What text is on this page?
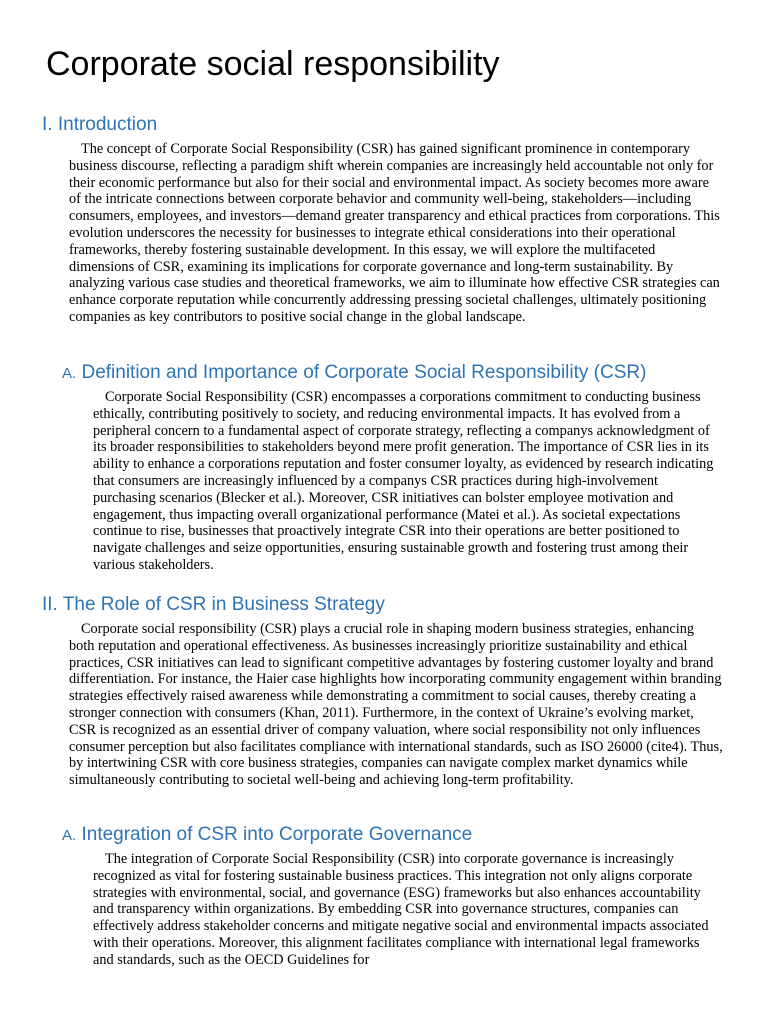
Corporate social responsibility
I. Introduction

The concept of Corporate Social Responsibility (CSR) has gained significant prominence in contemporary business discourse, reflecting a paradigm shift wherein companies are increasingly held accountable not only for their economic performance but also for their social and environmental impact. As society becomes more aware of the intricate connections between corporate behavior and community well-being, stakeholders—including consumers, employees, and investors—demand greater transparency and ethical practices from corporations. This evolution underscores the necessity for businesses to integrate ethical considerations into their operational frameworks, thereby fostering sustainable development. In this essay, we will explore the multifaceted dimensions of CSR, examining its implications for corporate governance and long-term sustainability. By analyzing various case studies and theoretical frameworks, we aim to illuminate how effective CSR strategies can enhance corporate reputation while concurrently addressing pressing societal challenges, ultimately positioning companies as key contributors to positive social change in the global landscape.

A. Definition and Importance of Corporate Social Responsibility (CSR)

Corporate Social Responsibility (CSR) encompasses a corporations commitment to conducting business ethically, contributing positively to society, and reducing environmental impacts. It has evolved from a peripheral concern to a fundamental aspect of corporate strategy, reflecting a companys acknowledgment of its broader responsibilities to stakeholders beyond mere profit generation. The importance of CSR lies in its ability to enhance a corporations reputation and foster consumer loyalty, as evidenced by research indicating that consumers are increasingly influenced by a companys CSR practices during high-involvement purchasing scenarios (Blecker et al.). Moreover, CSR initiatives can bolster employee motivation and engagement, thus impacting overall organizational performance (Matei et al.). As societal expectations continue to rise, businesses that proactively integrate CSR into their operations are better positioned to navigate challenges and seize opportunities, ensuring sustainable growth and fostering trust among their various stakeholders.

II. The Role of CSR in Business Strategy

Corporate social responsibility (CSR) plays a crucial role in shaping modern business strategies, enhancing both reputation and operational effectiveness. As businesses increasingly prioritize sustainability and ethical practices, CSR initiatives can lead to significant competitive advantages by fostering customer loyalty and brand differentiation. For instance, the Haier case highlights how incorporating community engagement within branding strategies effectively raised awareness while demonstrating a commitment to social causes, thereby creating a stronger connection with consumers (Khan, 2011). Furthermore, in the context of Ukraine’s evolving market, CSR is recognized as an essential driver of company valuation, where social responsibility not only influences consumer perception but also facilitates compliance with international standards, such as ISO 26000 (cite4). Thus, by intertwining CSR with core business strategies, companies can navigate complex market dynamics while simultaneously contributing to societal well-being and achieving long-term profitability.

A. Integration of CSR into Corporate Governance

The integration of Corporate Social Responsibility (CSR) into corporate governance is increasingly recognized as vital for fostering sustainable business practices. This integration not only aligns corporate strategies with environmental, social, and governance (ESG) frameworks but also enhances accountability and transparency within organizations. By embedding CSR into governance structures, companies can effectively address stakeholder concerns and mitigate negative social and environmental impacts associated with their operations. Moreover, this alignment facilitates compliance with international legal frameworks and standards, such as the OECD Guidelines for
